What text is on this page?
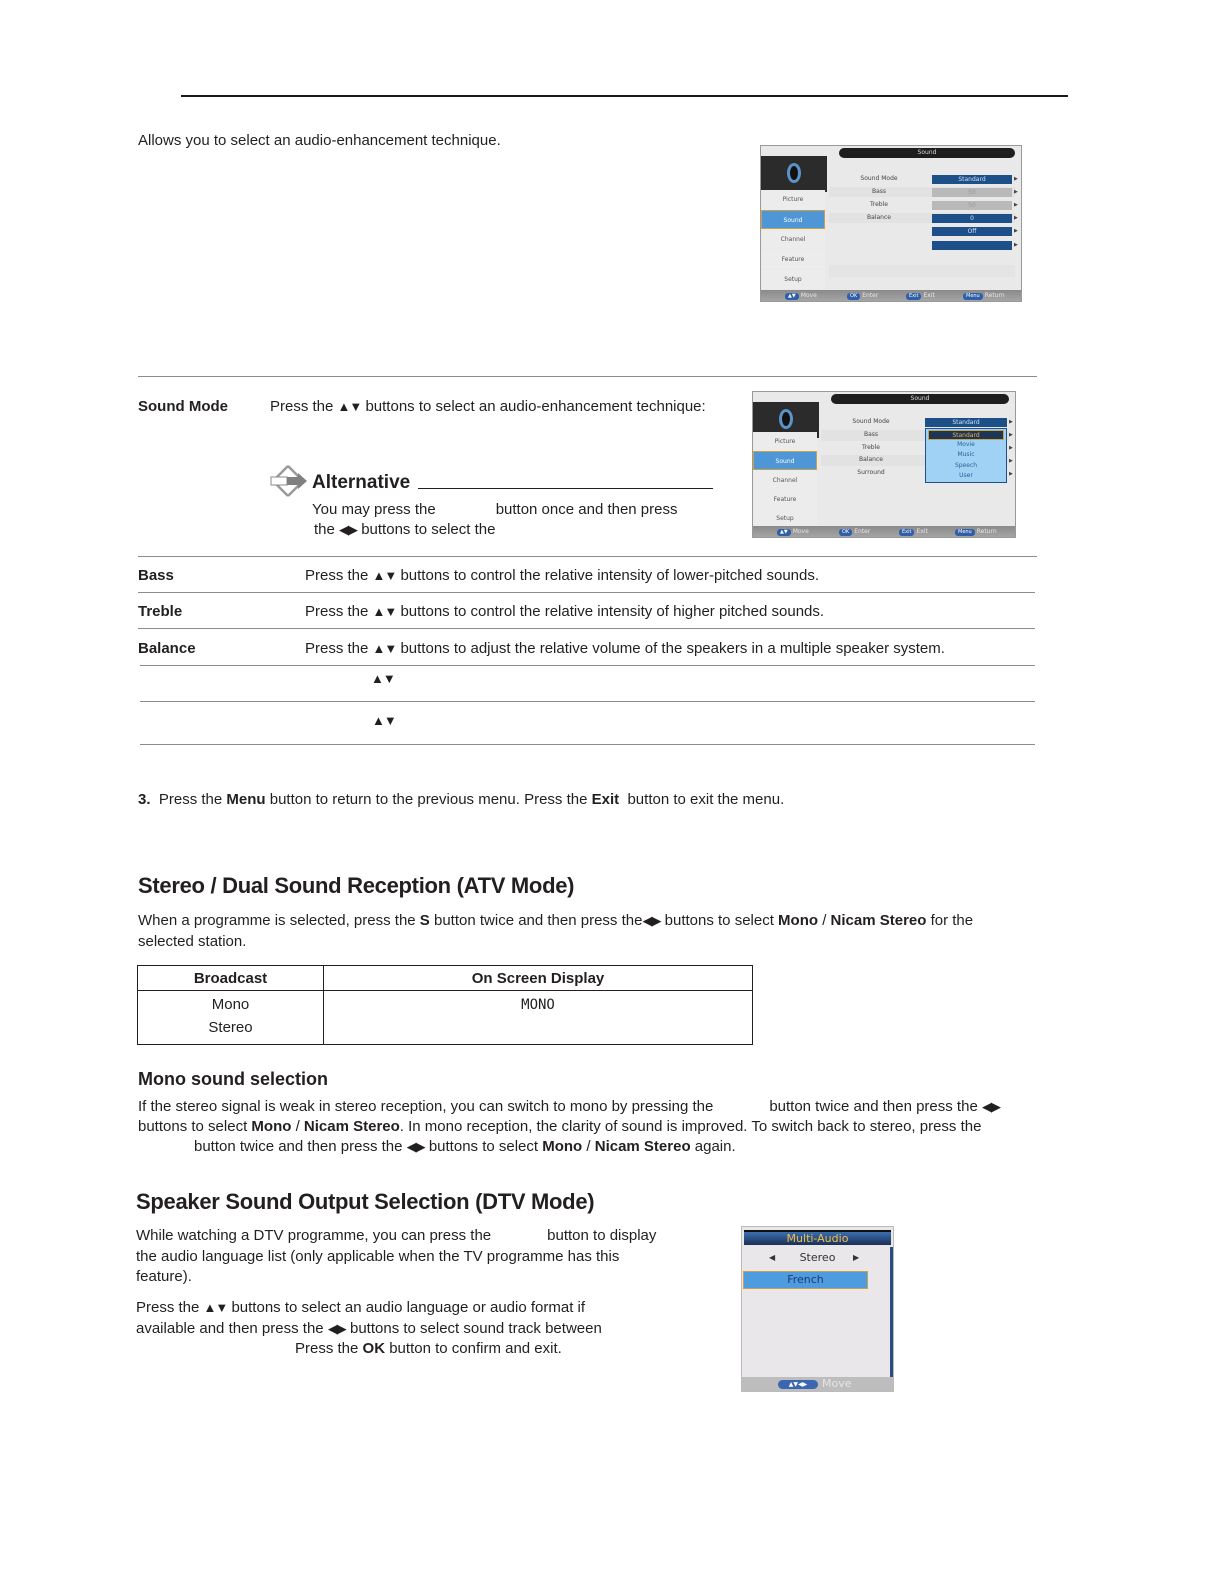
Allows you to select an audio-enhancement technique.

Sound
Picture
Sound
Channel
Feature
Setup
Sound Mode	Standard
Bass	50
Treble	50
Balance	0
Off
▶
▶
▶
▶
▶
▶
▲▼ Move	OK Enter	Exit Exit	Menu Return
Sound Mode	Press the ▲▼ buttons to select an audio-enhancement technique:
Alternative
You may press the	button once and then press
the ◀▶ buttons to select the
Sound
Picture
Sound
Channel
Feature
Setup
Sound Mode
Bass
Treble
Balance
Surround
Standard
Standard
Movie
Music
Speech
User
▶
▶
▶
▶
▶
▲▼ Move	OK Enter	Exit Exit	Menu Return
Bass	Press the ▲▼ buttons to control the relative intensity of lower-pitched sounds.
Treble	Press the ▲▼ buttons to control the relative intensity of higher pitched sounds.
Balance	Press the ▲▼ buttons to adjust the relative volume of the speakers in a multiple speaker system.
▲▼
▲▼
3. Press the Menu button to return to the previous menu. Press the Exit button to exit the menu.
Stereo / Dual Sound Reception (ATV Mode)
When a programme is selected, press the S button twice and then press the◀▶ buttons to select Mono / Nicam Stereo for the
selected station.
Broadcast	On Screen Display
Mono	MONO
Stereo	
Mono sound selection
If the stereo signal is weak in stereo reception, you can switch to mono by pressing the	button twice and then press the ◀▶
buttons to select Mono / Nicam Stereo. In mono reception, the clarity of sound is improved. To switch back to stereo, press the
button twice and then press the ◀▶ buttons to select Mono / Nicam Stereo again.
Speaker Sound Output Selection (DTV Mode)
While watching a DTV programme, you can press the	button to display
the audio language list (only applicable when the TV programme has this
feature).
Press the ▲▼ buttons to select an audio language or audio format if
available and then press the ◀▶ buttons to select sound track between
Press the OK button to confirm and exit.
Multi-Audio
◀	Stereo	▶
French
▲▼◀▶	Move
